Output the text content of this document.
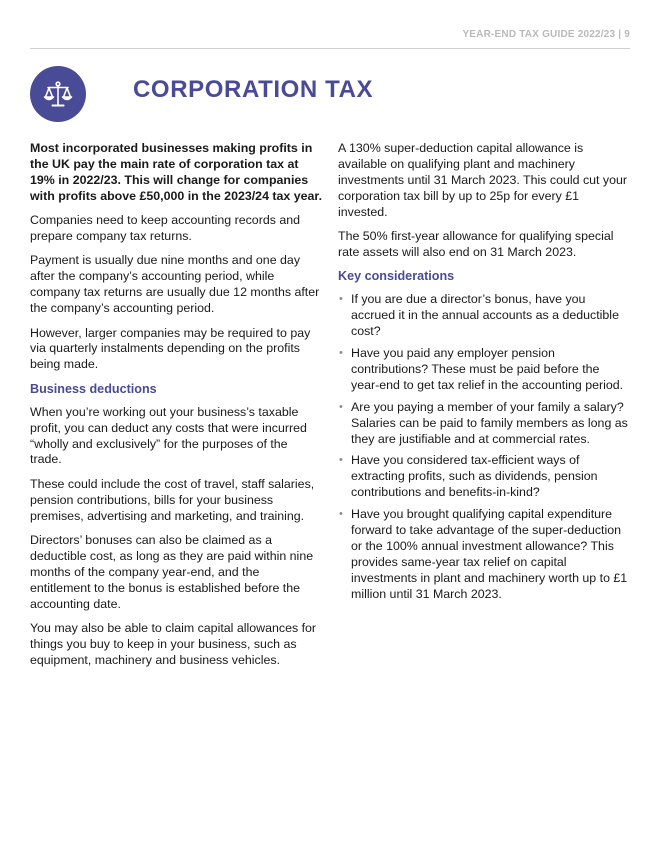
YEAR-END TAX GUIDE 2022/23 | 9
CORPORATION TAX

Most incorporated businesses making profits in the UK pay the main rate of corporation tax at 19% in 2022/23. This will change for companies with profits above £50,000 in the 2023/24 tax year.

Companies need to keep accounting records and prepare company tax returns.

Payment is usually due nine months and one day after the company’s accounting period, while company tax returns are usually due 12 months after the company’s accounting period.

However, larger companies may be required to pay via quarterly instalments depending on the profits being made.

Business deductions

When you’re working out your business’s taxable profit, you can deduct any costs that were incurred “wholly and exclusively” for the purposes of the trade.

These could include the cost of travel, staff salaries, pension contributions, bills for your business premises, advertising and marketing, and training.

Directors’ bonuses can also be claimed as a deductible cost, as long as they are paid within nine months of the company year-end, and the entitlement to the bonus is established before the accounting date.

You may also be able to claim capital allowances for things you buy to keep in your business, such as equipment, machinery and business vehicles.

A 130% super-deduction capital allowance is available on qualifying plant and machinery investments until 31 March 2023. This could cut your corporation tax bill by up to 25p for every £1 invested.

The 50% first-year allowance for qualifying special rate assets will also end on 31 March 2023.

Key considerations
• If you are due a director’s bonus, have you accrued it in the annual accounts as a deductible cost?
• Have you paid any employer pension contributions? These must be paid before the year-end to get tax relief in the accounting period.
• Are you paying a member of your family a salary? Salaries can be paid to family members as long as they are justifiable and at commercial rates.
• Have you considered tax-efficient ways of extracting profits, such as dividends, pension contributions and benefits-in-kind?
• Have you brought qualifying capital expenditure forward to take advantage of the super-deduction or the 100% annual investment allowance? This provides same-year tax relief on capital investments in plant and machinery worth up to £1 million until 31 March 2023.
